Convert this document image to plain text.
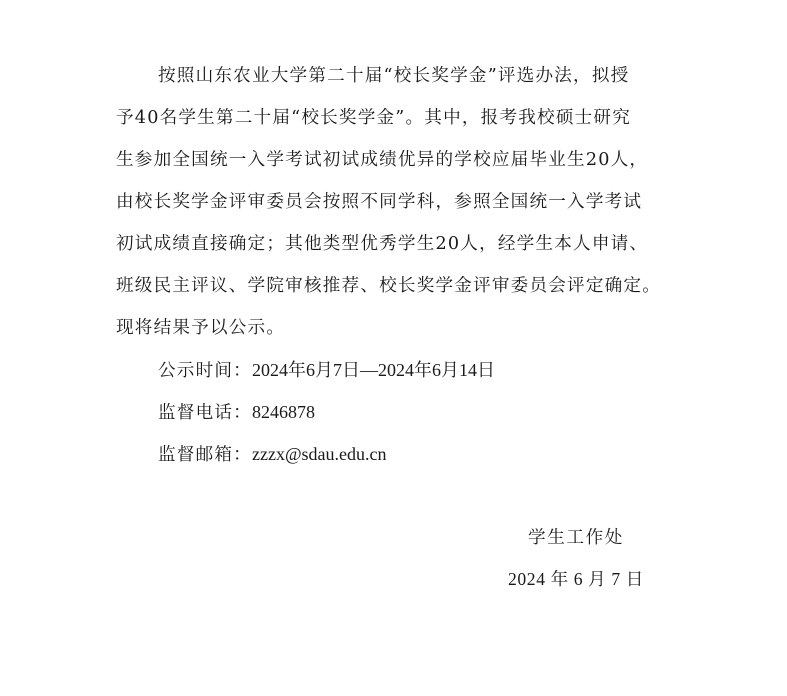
按照山东农业大学第二十届“校长奖学金”评选办法，拟授
予40名学生第二十届“校长奖学金”。其中，报考我校硕士研究
生参加全国统一入学考试初试成绩优异的学校应届毕业生20人，
由校长奖学金评审委员会按照不同学科，参照全国统一入学考试
初试成绩直接确定；其他类型优秀学生20人，经学生本人申请、
班级民主评议、学院审核推荐、校长奖学金评审委员会评定确定。
现将结果予以公示。
公示时间：2024年6月7日—2024年6月14日
监督电话：8246878
监督邮箱：zzzx@sdau.edu.cn
学生工作处
2024 年 6 月 7 日
